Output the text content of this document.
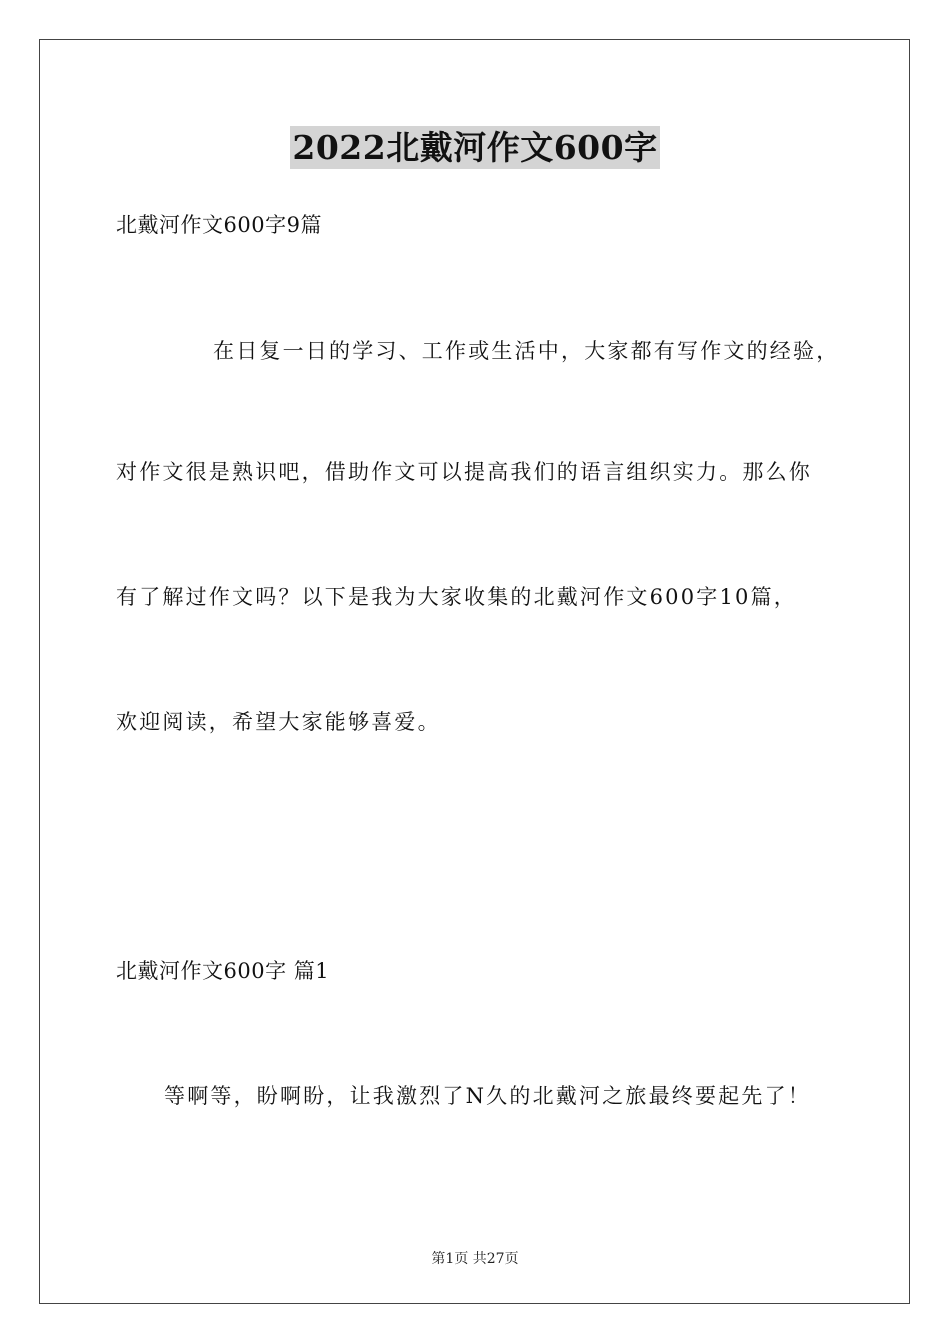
2022北戴河作文600字

北戴河作文600字9篇

在日复一日的学习、工作或生活中，大家都有写作文的经验，

对作文很是熟识吧，借助作文可以提高我们的语言组织实力。那么你

有了解过作文吗？以下是我为大家收集的北戴河作文600字10篇，

欢迎阅读，希望大家能够喜爱。

北戴河作文600字 篇1

等啊等，盼啊盼，让我激烈了N久的北戴河之旅最终要起先了！

第1页 共27页
